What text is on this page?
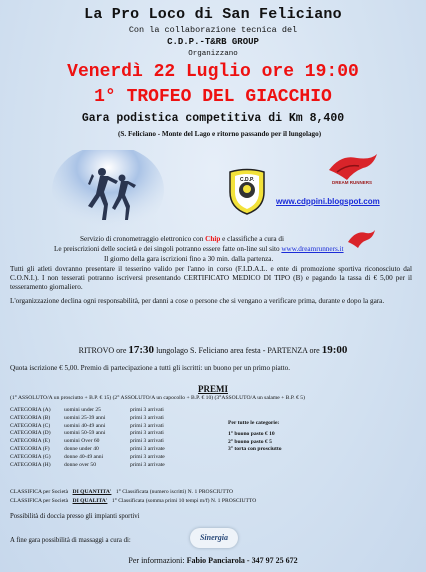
La Pro Loco di San Feliciano
Con la collaborazione tecnica del
C.D.P.-T&RB GROUP
Organizzano
Venerdì 22 Luglio ore 19:00
1° TROFEO DEL GIACCHIO
Gara podistica competitiva di Km 8,400
(S. Feliciano - Monte del Lago e ritorno passando per il lungolago)
C.D.P.	DREAM RUNNERS
www.cdppini.blogspot.com
Servizio di cronometraggio elettronico con Chip e classifiche a cura di
Le preiscrizioni delle società e dei singoli potranno essere fatte on-line sul sito www.dreamrunners.it
Il giorno della gara iscrizioni fino a 30 min. dalla partenza.
Tutti gli atleti dovranno presentare il tesserino valido per l'anno in corso (F.I.D.A.L. e ente di promozione sportiva riconosciuto dal C.O.N.I.). I non tesserati potranno iscriversi presentando CERTIFICATO MEDICO DI TIPO (B) e pagando la tassa di € 5,00 per il tesseramento giornaliero.
L'organizzazione declina ogni responsabilità, per danni a cose o persone che si vengano a verificare prima, durante e dopo la gara.
RITROVO ore 17:30 lungolago S. Feliciano area festa - PARTENZA ore 19:00
Quota iscrizione € 5,00. Premio di partecipazione a tutti gli iscritti: un buono per un primo piatto.
PREMI
(1° ASSOLUTO/A un prosciutto + B.P. € 15) (2° ASSOLUTO/A un capocollo + B.P. € 10) (3°ASSOLUTO/A un salame + B.P. € 5)
CATEGORIA (A)	uomini under 25	primi 3 arrivati
CATEGORIA (B)	uomini 25-39 anni	primi 3 arrivati
CATEGORIA (C)	uomini 40-49 anni	primi 3 arrivati
CATEGORIA (D)	uomini 50-59 anni	primi 3 arrivati
CATEGORIA (E)	uomini Over 60	primi 3 arrivati
CATEGORIA (F)	donne under 40	primi 3 arrivate
CATEGORIA (G)	donne 40-49 anni	primi 3 arrivate
CATEGORIA (H)	donne over 50	primi 3 arrivate
Per tutte le categorie:
1° buono pasto € 10
2° buono pasto € 5
3° torta con prosciutto
CLASSIFICA per Società DI QUANTITA' 1° Classificata (numero iscritti) N. 1 PROSCIUTTO
CLASSIFICA per Società DI QUALITA' 1° Classificata (somma primi 10 tempi m/f) N. 1 PROSCIUTTO
Possibilità di doccia presso gli impianti sportivi
A fine gara possibilità di massaggi a cura di:	Sinergia
Per informazioni: Fabio Panciarola - 347 97 25 672
